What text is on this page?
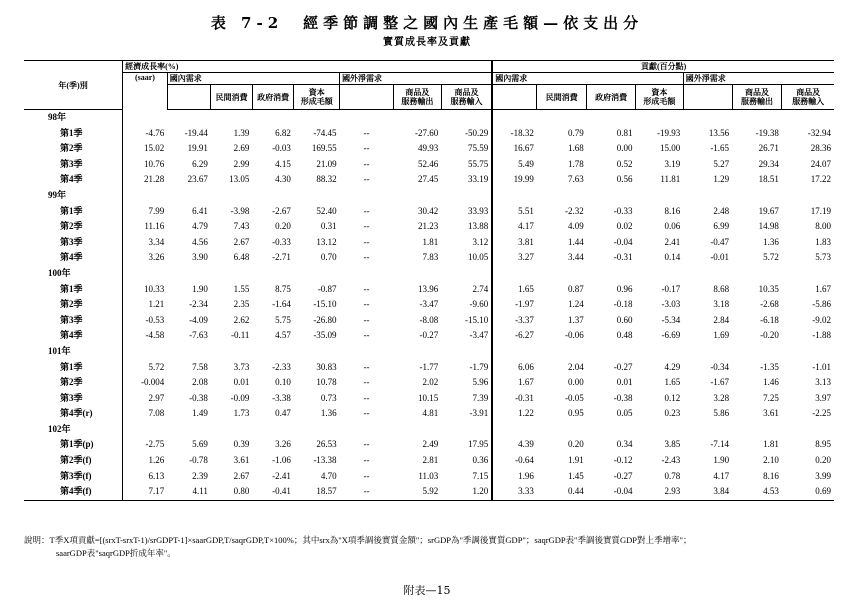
表 7-2　經季節調整之國內生產毛額—依支出分
實質成長率及貢獻
年(季)別	經濟成長率(%)								貢獻(百分點)						
	(saar)	國內需求				國外淨需求			國內需求				國外淨需求		
			民間消費	政府消費	資本
形成毛額		商品及
服務輸出	商品及
服務輸入		民間消費	政府消費	資本
形成毛額		商品及
服務輸出	商品及
服務輸入
98年															
第1季	-4.76	-19.44	1.39	6.82	-74.45	--	-27.60	-50.29	-18.32	0.79	0.81	-19.93	13.56	-19.38	-32.94
第2季	15.02	19.91	2.69	-0.03	169.55	--	49.93	75.59	16.67	1.68	0.00	15.00	-1.65	26.71	28.36
第3季	10.76	6.29	2.99	4.15	21.09	--	52.46	55.75	5.49	1.78	0.52	3.19	5.27	29.34	24.07
第4季	21.28	23.67	13.05	4.30	88.32	--	27.45	33.19	19.99	7.63	0.56	11.81	1.29	18.51	17.22
99年															
第1季	7.99	6.41	-3.98	-2.67	52.40	--	30.42	33.93	5.51	-2.32	-0.33	8.16	2.48	19.67	17.19
第2季	11.16	4.79	7.43	0.20	0.31	--	21.23	13.88	4.17	4.09	0.02	0.06	6.99	14.98	8.00
第3季	3.34	4.56	2.67	-0.33	13.12	--	1.81	3.12	3.81	1.44	-0.04	2.41	-0.47	1.36	1.83
第4季	3.26	3.90	6.48	-2.71	0.70	--	7.83	10.05	3.27	3.44	-0.31	0.14	-0.01	5.72	5.73
100年															
第1季	10.33	1.90	1.55	8.75	-0.87	--	13.96	2.74	1.65	0.87	0.96	-0.17	8.68	10.35	1.67
第2季	1.21	-2.34	2.35	-1.64	-15.10	--	-3.47	-9.60	-1.97	1.24	-0.18	-3.03	3.18	-2.68	-5.86
第3季	-0.53	-4.09	2.62	5.75	-26.80	--	-8.08	-15.10	-3.37	1.37	0.60	-5.34	2.84	-6.18	-9.02
第4季	-4.58	-7.63	-0.11	4.57	-35.09	--	-0.27	-3.47	-6.27	-0.06	0.48	-6.69	1.69	-0.20	-1.88
101年															
第1季	5.72	7.58	3.73	-2.33	30.83	--	-1.77	-1.79	6.06	2.04	-0.27	4.29	-0.34	-1.35	-1.01
第2季	-0.004	2.08	0.01	0.10	10.78	--	2.02	5.96	1.67	0.00	0.01	1.65	-1.67	1.46	3.13
第3季	2.97	-0.38	-0.09	-3.38	0.73	--	10.15	7.39	-0.31	-0.05	-0.38	0.12	3.28	7.25	3.97
第4季(r)	7.08	1.49	1.73	0.47	1.36	--	4.81	-3.91	1.22	0.95	0.05	0.23	5.86	3.61	-2.25
102年															
第1季(p)	-2.75	5.69	0.39	3.26	26.53	--	2.49	17.95	4.39	0.20	0.34	3.85	-7.14	1.81	8.95
第2季(f)	1.26	-0.78	3.61	-1.06	-13.38	--	2.81	0.36	-0.64	1.91	-0.12	-2.43	1.90	2.10	0.20
第3季(f)	6.13	2.39	2.67	-2.41	4.70	--	11.03	7.15	1.96	1.45	-0.27	0.78	4.17	8.16	3.99
第4季(f)	7.17	4.11	0.80	-0.41	18.57	--	5.92	1.20	3.33	0.44	-0.04	2.93	3.84	4.53	0.69
說明：T季X項貢獻=[(srxT-srxT-1)/srGDPT-1]×saarGDP,T/saqrGDP,T×100%；其中srx為"X項季調後實質金額"；srGDP為"季調後實質GDP"；saqrGDP表"季調後實質GDP對上季增率"；
saarGDP表"saqrGDP折成年率"。
附表—15
